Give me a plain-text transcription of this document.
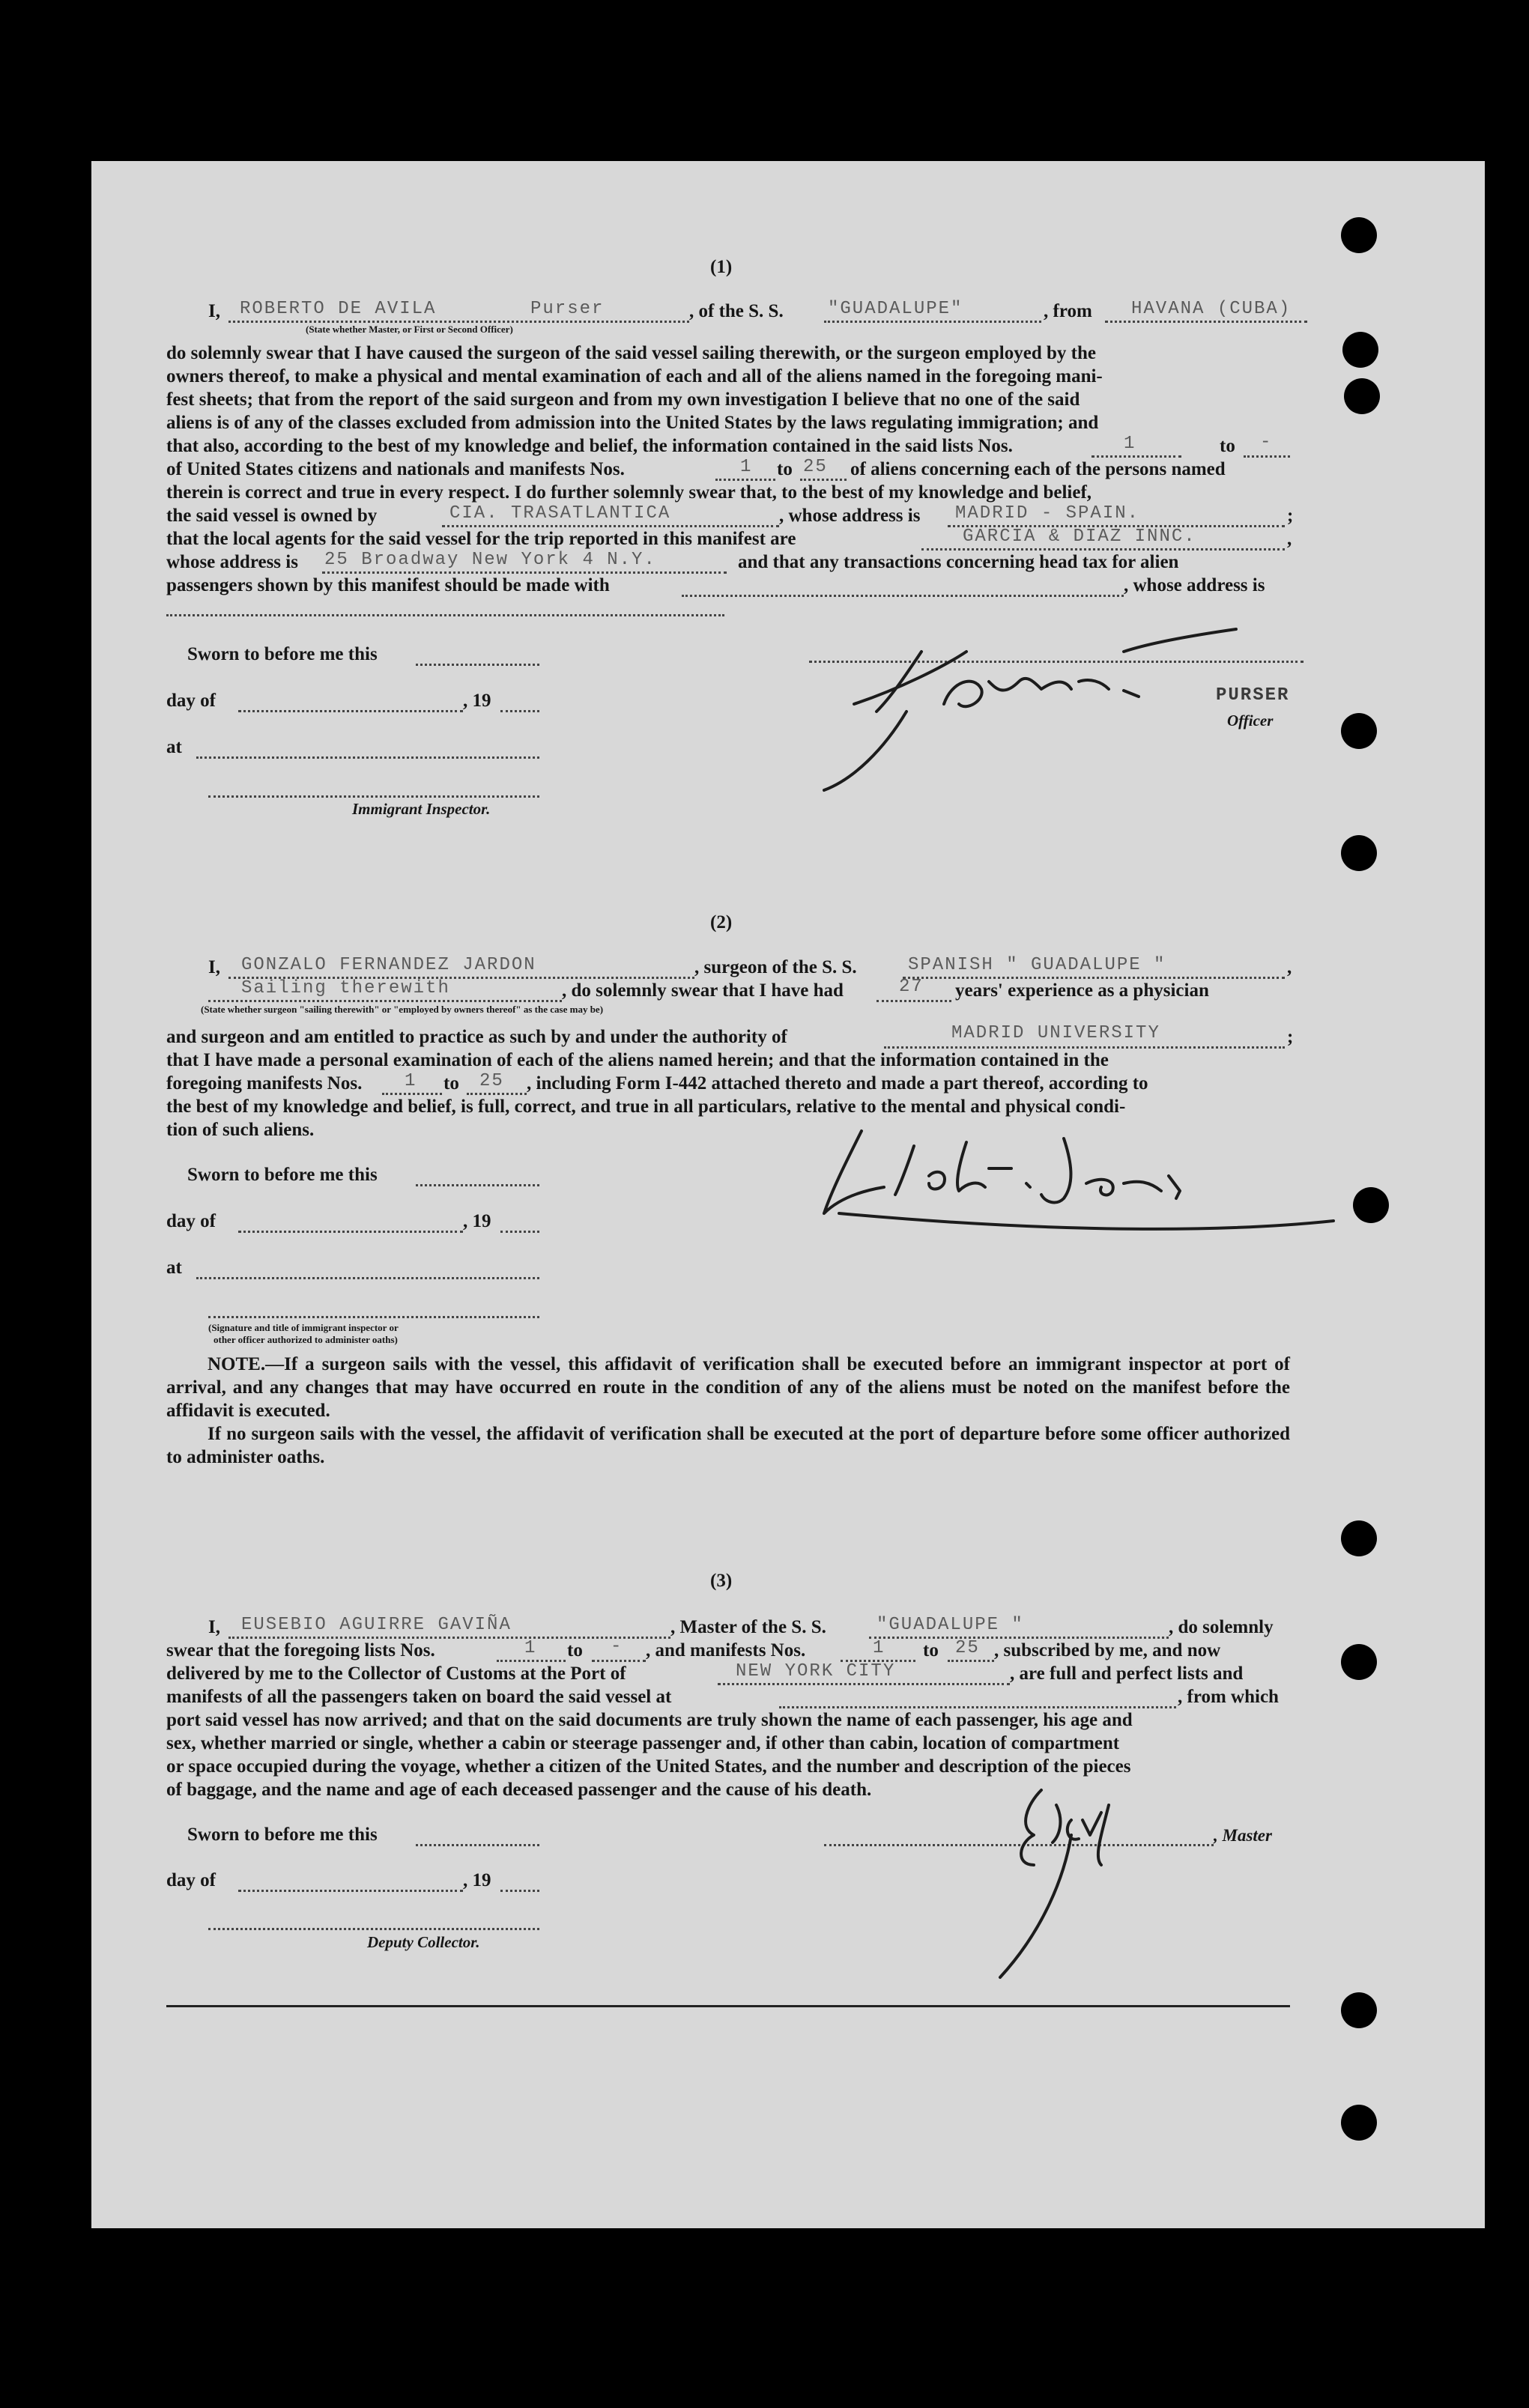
(1)
I, ROBERTO DE AVILA	Purser
(State whether Master, or First or Second Officer)
, of the S. S. "GUADALUPE"	, from HAVANA (CUBA)
do solemnly swear that I have caused the surgeon of the said vessel sailing therewith, or the surgeon employed by the
owners thereof, to make a physical and mental examination of each and all of the aliens named in the foregoing mani-
fest sheets; that from the report of the said surgeon and from my own investigation I believe that no one of the said
aliens is of any of the classes excluded from admission into the United States by the laws regulating immigration; and
that also, according to the best of my knowledge and belief, the information contained in the said lists Nos.	1	to -
of United States citizens and nationals and manifests Nos.	1 to 25 of aliens concerning each of the persons named
therein is correct and true in every respect. I do further solemnly swear that, to the best of my knowledge and belief,
the said vessel is owned by	CIA. TRASATLANTICA	, whose address is MADRID - SPAIN.	;
that the local agents for the said vessel for the trip reported in this manifest are	GARCIA & DIAZ INNC.	,
whose address is 25 Broadway New York 4 N.Y.	and that any transactions concerning head tax for alien
passengers shown by this manifest should be made with	, whose address is
Sworn to before me this
day of	, 19
at
Immigrant Inspector.
PURSER
Officer
(2)
I, GONZALO FERNANDEZ JARDON	, surgeon of the S. S.	SPANISH " GUADALUPE "	,
Sailing therewith	, do solemnly swear that I have had	27 years' experience as a physician
(State whether surgeon "sailing therewith" or "employed by owners thereof" as the case may be)
and surgeon and am entitled to practice as such by and under the authority of	MADRID UNIVERSITY	;
that I have made a personal examination of each of the aliens named herein; and that the information contained in the
foregoing manifests Nos. 1 to 25 , including Form I-442 attached thereto and made a part thereof, according to
the best of my knowledge and belief, is full, correct, and true in all particulars, relative to the mental and physical condi-
tion of such aliens.
Sworn to before me this
day of	, 19
at
(Signature and title of immigrant inspector or
other officer authorized to administer oaths)
NOTE.—If a surgeon sails with the vessel, this affidavit of verification shall be executed before an immigrant inspector at port of arrival, and any changes that may have occurred en route in the condition of any of the aliens must be noted on the manifest before the affidavit is executed.
If no surgeon sails with the vessel, the affidavit of verification shall be executed at the port of departure before some officer authorized to administer oaths.
(3)
I, EUSEBIO AGUIRRE GAVIÑA	, Master of the S. S.	"GUADALUPE "	, do solemnly
swear that the foregoing lists Nos.	1 to - , and manifests Nos.	1 to 25 , subscribed by me, and now
delivered by me to the Collector of Customs at the Port of	NEW YORK CITY	, are full and perfect lists and
manifests of all the passengers taken on board the said vessel at	, from which
port said vessel has now arrived; and that on the said documents are truly shown the name of each passenger, his age and
sex, whether married or single, whether a cabin or steerage passenger and, if other than cabin, location of compartment
or space occupied during the voyage, whether a citizen of the United States, and the number and description of the pieces
of baggage, and the name and age of each deceased passenger and the cause of his death.
Sworn to before me this	, Master
day of	, 19
Deputy Collector.
